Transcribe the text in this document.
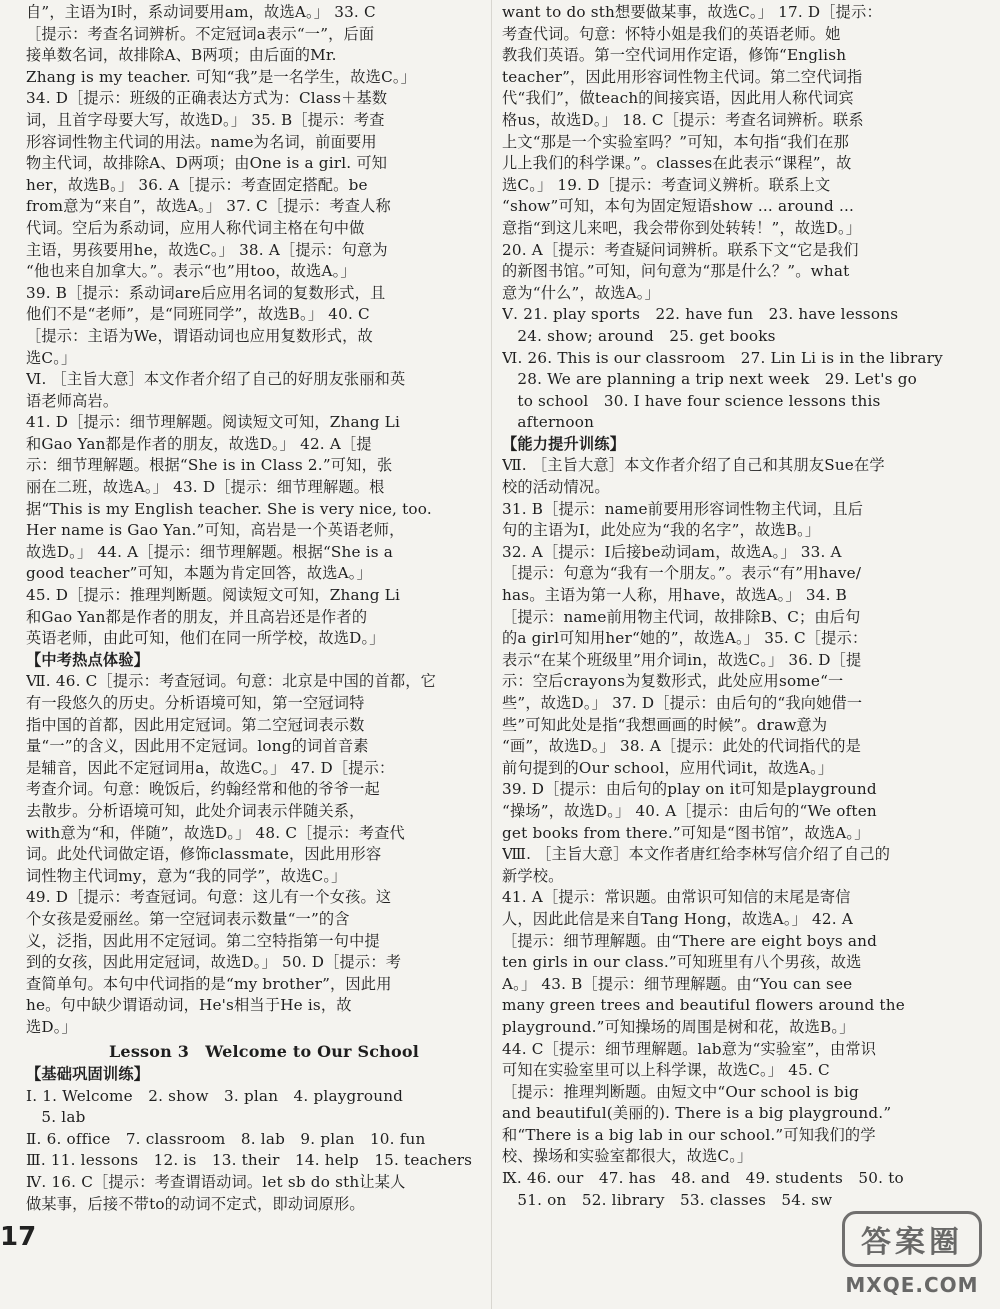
自”，主语为Ⅰ时，系动词要用am，故选A。」 33. C
［提示：考查名词辨析。不定冠词a表示“一”，后面
接单数名词，故排除A、B两项；由后面的Mr.
Zhang is my teacher. 可知“我”是一名学生，故选C。」
34. D［提示：班级的正确表达方式为：Class＋基数
词，且首字母要大写，故选D。」 35. B［提示：考查
形容词性物主代词的用法。name为名词，前面要用
物主代词，故排除A、D两项；由One is a girl. 可知
her，故选B。」 36. A［提示：考查固定搭配。be
from意为“来自”，故选A。」 37. C［提示：考查人称
代词。空后为系动词，应用人称代词主格在句中做
主语，男孩要用he，故选C。」 38. A［提示：句意为
“他也来自加拿大。”。表示“也”用too，故选A。」
39. B［提示：系动词are后应用名词的复数形式，且
他们不是“老师”，是“同班同学”，故选B。」 40. C
［提示：主语为We，谓语动词也应用复数形式，故
选C。」
Ⅵ. ［主旨大意］本文作者介绍了自己的好朋友张丽和英
语老师高岩。
41. D［提示：细节理解题。阅读短文可知，Zhang Li
和Gao Yan都是作者的朋友，故选D。」 42. A［提
示：细节理解题。根据“She is in Class 2.”可知，张
丽在二班，故选A。」 43. D［提示：细节理解题。根
据“This is my English teacher. She is very nice, too.
Her name is Gao Yan.”可知，高岩是一个英语老师，
故选D。」 44. A［提示：细节理解题。根据“She is a
good teacher”可知，本题为肯定回答，故选A。」
45. D［提示：推理判断题。阅读短文可知，Zhang Li
和Gao Yan都是作者的朋友，并且高岩还是作者的
英语老师，由此可知，他们在同一所学校，故选D。」
【中考热点体验】
Ⅶ. 46. C［提示：考查冠词。句意：北京是中国的首都，它
有一段悠久的历史。分析语境可知，第一空冠词特
指中国的首都，因此用定冠词。第二空冠词表示数
量“一”的含义，因此用不定冠词。long的词首音素
是辅音，因此不定冠词用a，故选C。」 47. D［提示：
考查介词。句意：晚饭后，约翰经常和他的爷爷一起
去散步。分析语境可知，此处介词表示伴随关系，
with意为“和，伴随”，故选D。」 48. C［提示：考查代
词。此处代词做定语，修饰classmate，因此用形容
词性物主代词my，意为“我的同学”，故选C。」
49. D［提示：考查冠词。句意：这儿有一个女孩。这
个女孩是爱丽丝。第一空冠词表示数量“一”的含
义，泛指，因此用不定冠词。第二空特指第一句中提
到的女孩，因此用定冠词，故选D。」 50. D［提示：考
查简单句。本句中代词指的是“my brother”，因此用
he。句中缺少谓语动词，He's相当于He is，故
选D。」
Lesson 3　Welcome to Our School
【基础巩固训练】
Ⅰ. 1. Welcome　2. show　3. plan　4. playground
　5. lab
Ⅱ. 6. office　7. classroom　8. lab　9. plan　10. fun
Ⅲ. 11. lessons　12. is　13. their　14. help　15. teachers
Ⅳ. 16. C［提示：考查谓语动词。let sb do sth让某人
做某事，后接不带to的动词不定式，即动词原形。
want to do sth想要做某事，故选C。」 17. D［提示：
考查代词。句意：怀特小姐是我们的英语老师。她
教我们英语。第一空代词用作定语，修饰“English
teacher”，因此用形容词性物主代词。第二空代词指
代“我们”，做teach的间接宾语，因此用人称代词宾
格us，故选D。」 18. C［提示：考查名词辨析。联系
上文“那是一个实验室吗？”可知，本句指“我们在那
儿上我们的科学课。”。classes在此表示“课程”，故
选C。」 19. D［提示：考查词义辨析。联系上文
“show”可知，本句为固定短语show ... around ...
意指“到这儿来吧，我会带你到处转转！”，故选D。」
20. A［提示：考查疑问词辨析。联系下文“它是我们
的新图书馆。”可知，问句意为“那是什么？”。what
意为“什么”，故选A。」
Ⅴ. 21. play sports　22. have fun　23. have lessons
　24. show; around　25. get books
Ⅵ. 26. This is our classroom　27. Lin Li is in the library
　28. We are planning a trip next week　29. Let's go
　to school　30. I have four science lessons this
　afternoon
【能力提升训练】
Ⅶ. ［主旨大意］本文作者介绍了自己和其朋友Sue在学
校的活动情况。
31. B［提示：name前要用形容词性物主代词，且后
句的主语为I，此处应为“我的名字”，故选B。」
32. A［提示：I后接be动词am，故选A。」 33. A
［提示：句意为“我有一个朋友。”。表示“有”用have/
has。主语为第一人称，用have，故选A。」 34. B
［提示：name前用物主代词，故排除B、C；由后句
的a girl可知用her“她的”，故选A。」 35. C［提示：
表示“在某个班级里”用介词in，故选C。」 36. D［提
示：空后crayons为复数形式，此处应用some“一
些”，故选D。」 37. D［提示：由后句的“我向她借一
些”可知此处是指“我想画画的时候”。draw意为
“画”，故选D。」 38. A［提示：此处的代词指代的是
前句提到的Our school，应用代词it，故选A。」
39. D［提示：由后句的play on it可知是playground
“操场”，故选D。」 40. A［提示：由后句的“We often
get books from there.”可知是“图书馆”，故选A。」
Ⅷ. ［主旨大意］本文作者唐红给李林写信介绍了自己的
新学校。
41. A［提示：常识题。由常识可知信的末尾是寄信
人，因此此信是来自Tang Hong，故选A。」 42. A
［提示：细节理解题。由“There are eight boys and
ten girls in our class.”可知班里有八个男孩，故选
A。」 43. B［提示：细节理解题。由“You can see
many green trees and beautiful flowers around the
playground.”可知操场的周围是树和花，故选B。」
44. C［提示：细节理解题。lab意为“实验室”，由常识
可知在实验室里可以上科学课，故选C。」 45. C
［提示：推理判断题。由短文中“Our school is big
and beautiful(美丽的). There is a big playground.”
和“There is a big lab in our school.”可知我们的学
校、操场和实验室都很大，故选C。」
Ⅸ. 46. our　47. has　48. and　49. students　50. to
　51. on　52. library　53. classes　54. sw
17	答案圈
MXQE.COM
